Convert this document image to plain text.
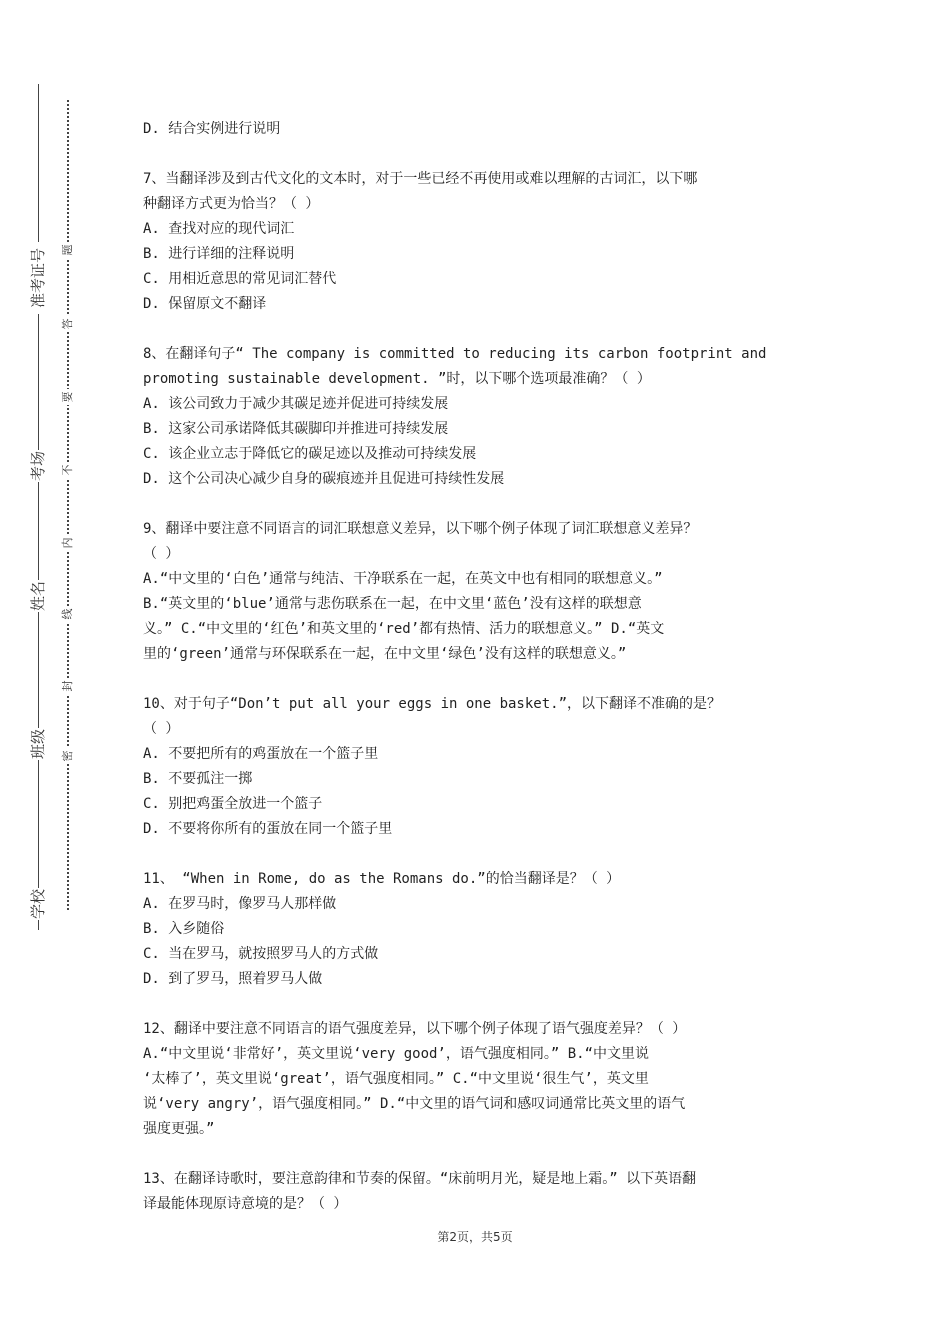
准考证号
考场
姓名
班级
学校
题
答
要
不
内
线
封
密
D. 结合实例进行说明
7、当翻译涉及到古代文化的文本时，对于一些已经不再使用或难以理解的古词汇，以下哪
种翻译方式更为恰当？（ ）
A. 查找对应的现代词汇
B. 进行详细的注释说明
C. 用相近意思的常见词汇替代
D. 保留原文不翻译
8、在翻译句子“ The company is committed to reducing its carbon footprint and
promoting sustainable development. ”时，以下哪个选项最准确？（ ）
A. 该公司致力于减少其碳足迹并促进可持续发展
B. 这家公司承诺降低其碳脚印并推进可持续发展
C. 该企业立志于降低它的碳足迹以及推动可持续发展
D. 这个公司决心减少自身的碳痕迹并且促进可持续性发展
9、翻译中要注意不同语言的词汇联想意义差异，以下哪个例子体现了词汇联想意义差异？
（ ）
A.“中文里的‘白色’通常与纯洁、干净联系在一起，在英文中也有相同的联想意义。”
B.“英文里的‘blue’通常与悲伤联系在一起，在中文里‘蓝色’没有这样的联想意
义。” C.“中文里的‘红色’和英文里的‘red’都有热情、活力的联想意义。” D.“英文
里的‘green’通常与环保联系在一起，在中文里‘绿色’没有这样的联想意义。”
10、对于句子“Don’t put all your eggs in one basket.”，以下翻译不准确的是？
（ ）
A. 不要把所有的鸡蛋放在一个篮子里
B. 不要孤注一掷
C. 别把鸡蛋全放进一个篮子
D. 不要将你所有的蛋放在同一个篮子里
11、 “When in Rome, do as the Romans do.”的恰当翻译是？（ ）
A. 在罗马时，像罗马人那样做
B. 入乡随俗
C. 当在罗马，就按照罗马人的方式做
D. 到了罗马，照着罗马人做
12、翻译中要注意不同语言的语气强度差异，以下哪个例子体现了语气强度差异？（ ）
A.“中文里说‘非常好’，英文里说‘very good’，语气强度相同。” B.“中文里说
‘太棒了’，英文里说‘great’，语气强度相同。” C.“中文里说‘很生气’，英文里
说‘very angry’，语气强度相同。” D.“中文里的语气词和感叹词通常比英文里的语气
强度更强。”
13、在翻译诗歌时，要注意韵律和节奏的保留。“床前明月光，疑是地上霜。” 以下英语翻
译最能体现原诗意境的是？（ ）
第2页，共5页
